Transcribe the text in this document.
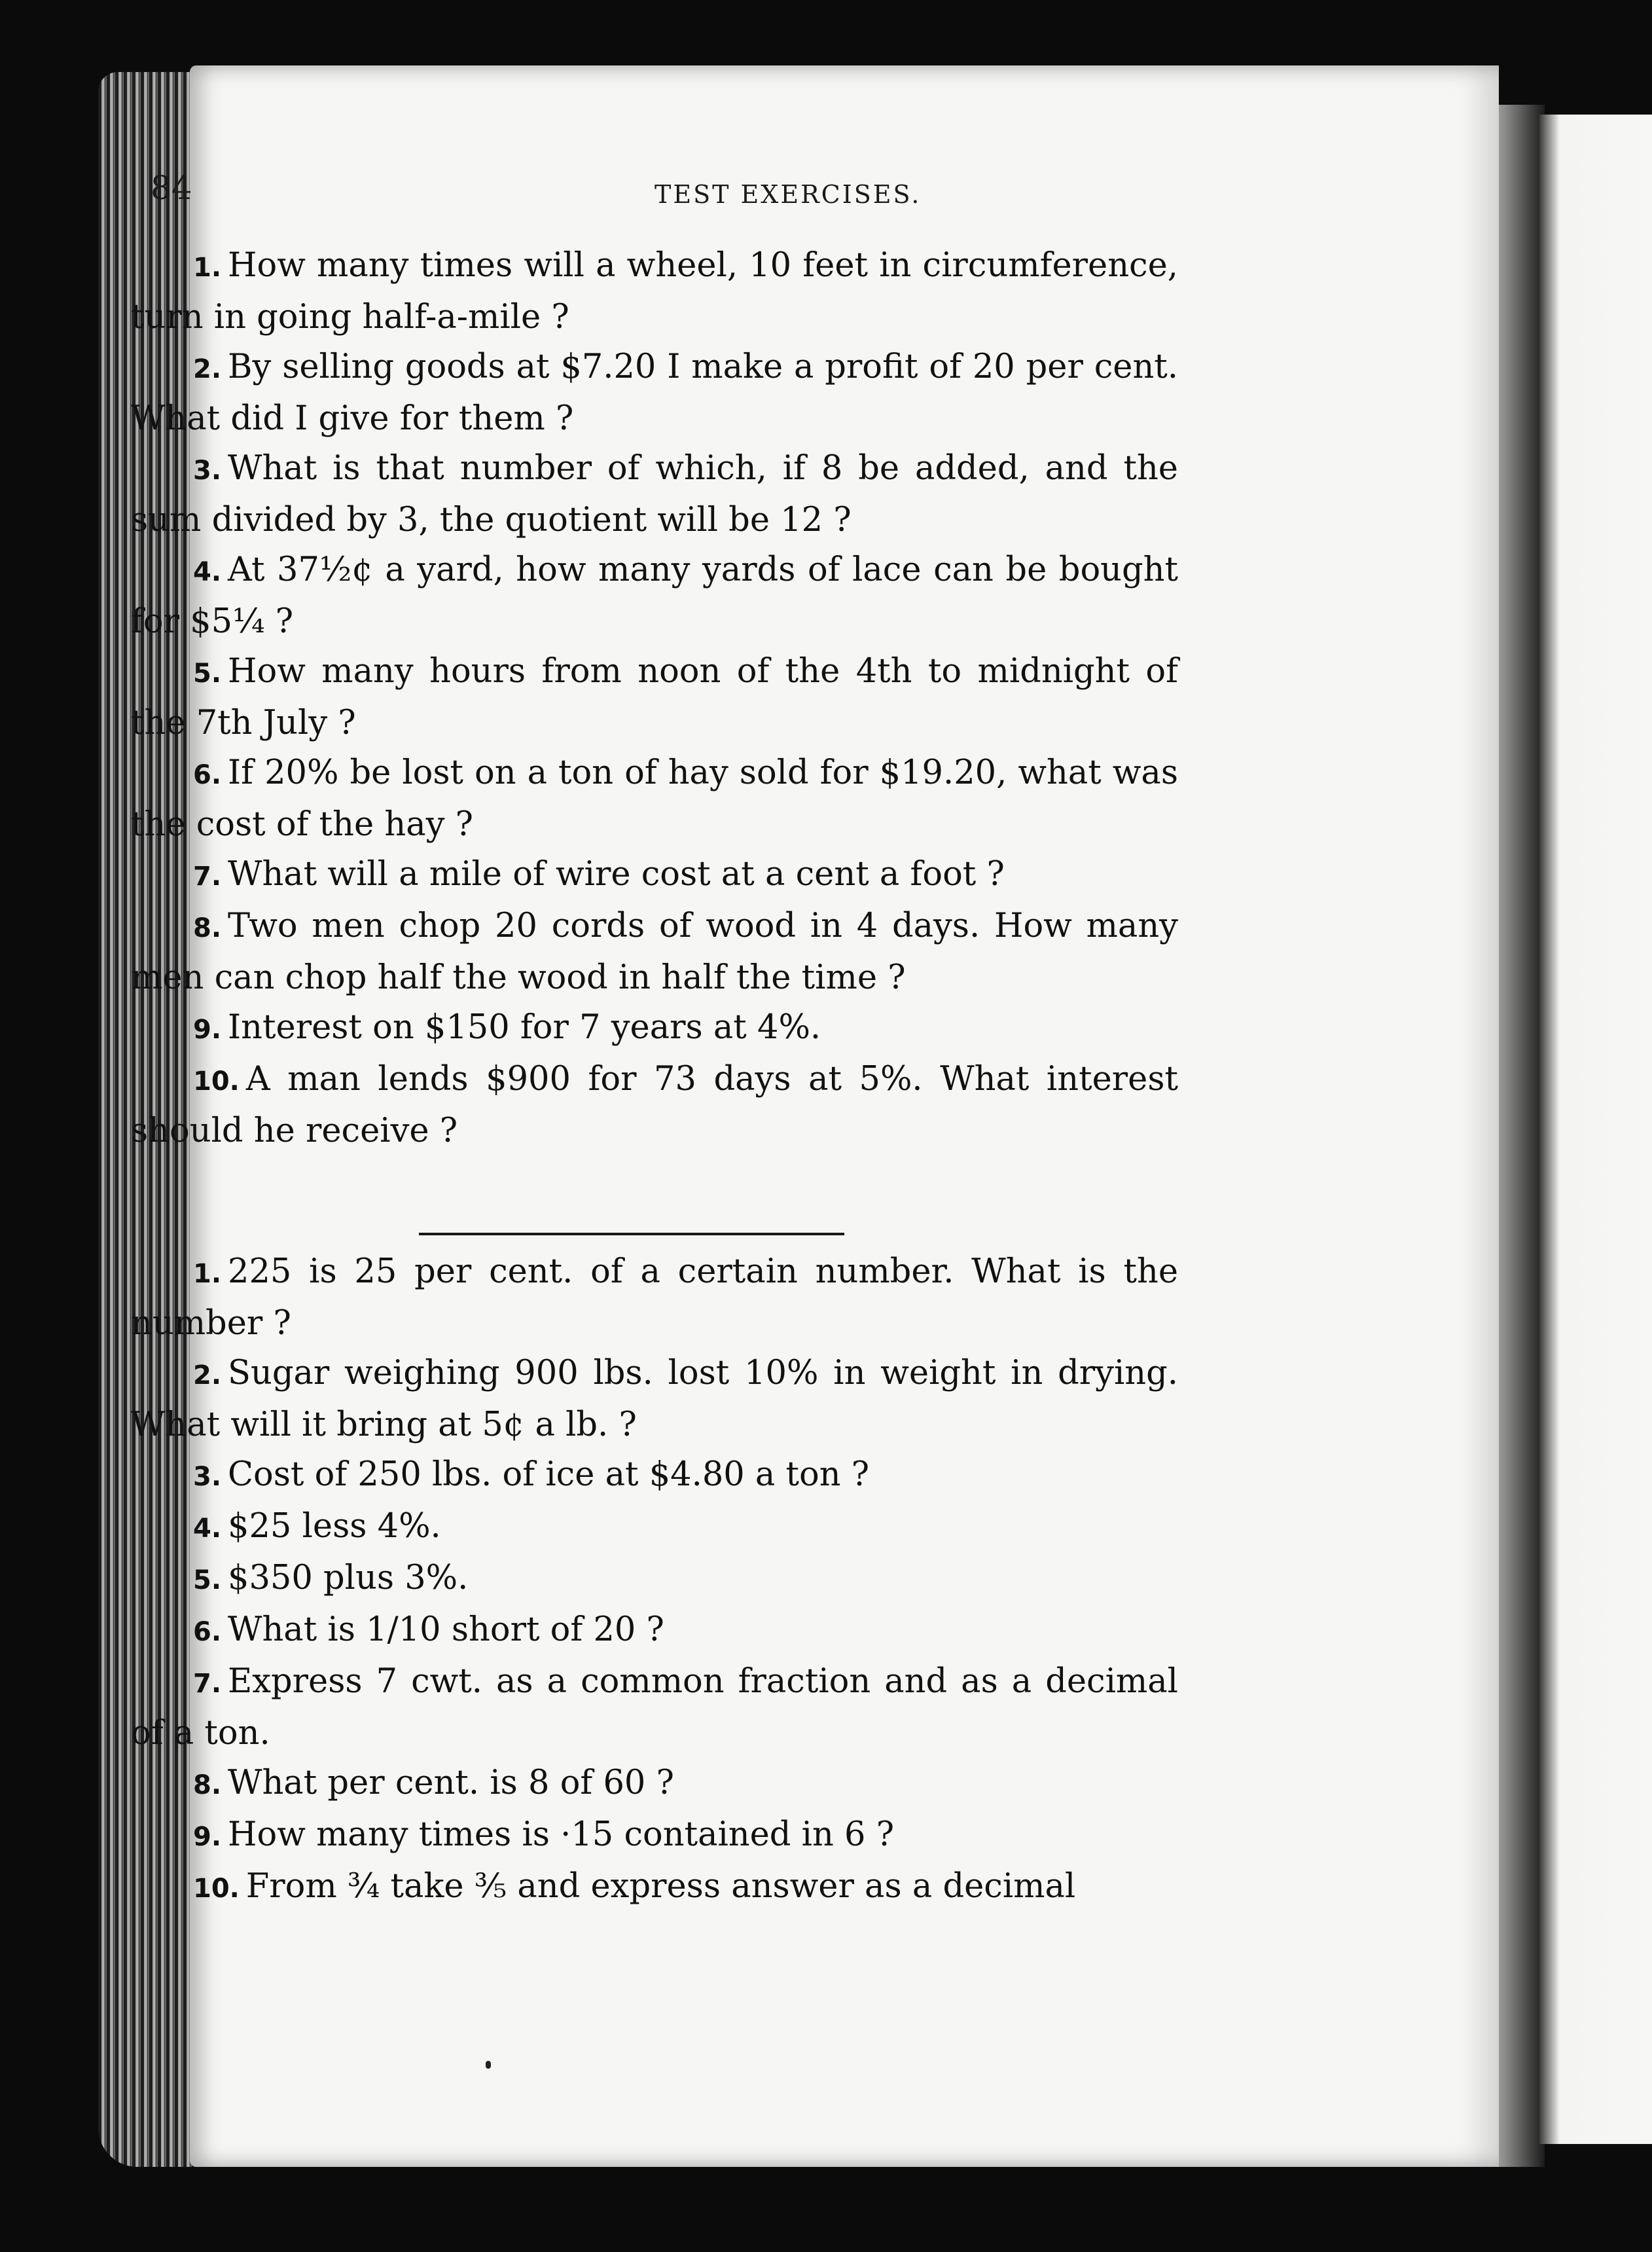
84	TEST EXERCISES.

1. How many times will a wheel, 10 feet in circumference, turn in going half-a-mile ?

2. By selling goods at $7.20 I make a profit of 20 per cent. What did I give for them ?

3. What is that number of which, if 8 be added, and the sum divided by 3, the quotient will be 12 ?

4. At 37½¢ a yard, how many yards of lace can be bought for $5¼ ?

5. How many hours from noon of the 4th to midnight of the 7th July ?

6. If 20% be lost on a ton of hay sold for $19.20, what was the cost of the hay ?

7. What will a mile of wire cost at a cent a foot ?

8. Two men chop 20 cords of wood in 4 days. How many men can chop half the wood in half the time ?

9. Interest on $150 for 7 years at 4%.

10. A man lends $900 for 73 days at 5%. What interest should he receive ?

1. 225 is 25 per cent. of a certain number. What is the number ?

2. Sugar weighing 900 lbs. lost 10% in weight in drying. What will it bring at 5¢ a lb. ?

3. Cost of 250 lbs. of ice at $4.80 a ton ?

4. $25 less 4%.

5. $350 plus 3%.

6. What is 1/10 short of 20 ?

7. Express 7 cwt. as a common fraction and as a decimal of a ton.

8. What per cent. is 8 of 60 ?

9. How many times is ·15 contained in 6 ?

10. From ¾ take ⅗ and express answer as a decimal
